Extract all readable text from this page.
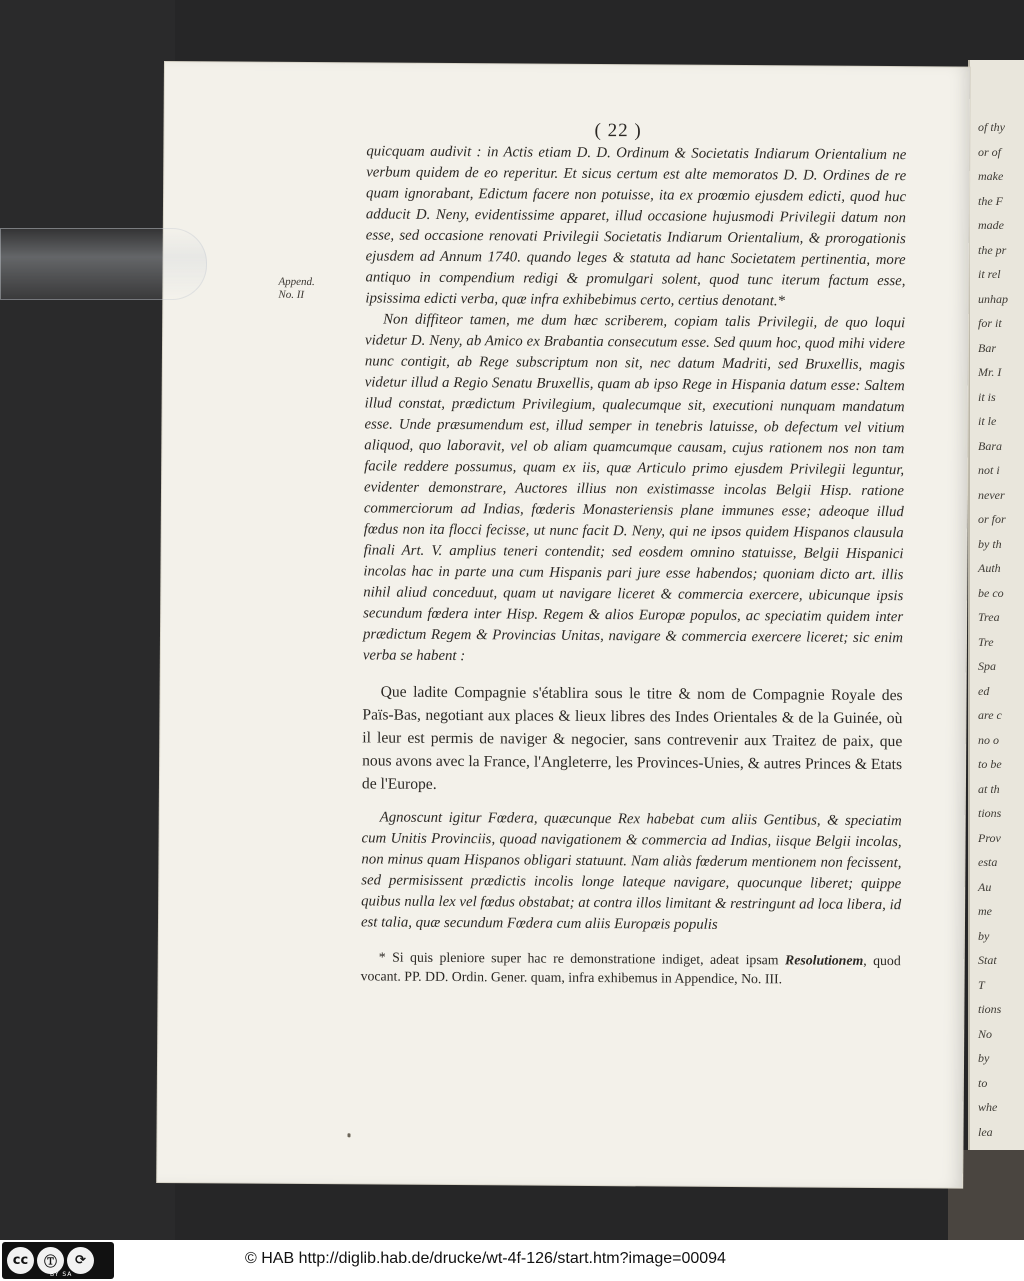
of thy
or of
make
the F
made
the pr
it rel
unhap
for it
Bar
Mr. I
it is
it le
Bara
not i
never
or for
by th
Auth
be co
Trea
Tre
Spa
ed
are c
no o
to be
at th
tions
Prov
esta
Au
me
by
Stat
T
tions
No
by
to
whe
lea
( 22 )
Append.
No. II

quicquam audivit : in Actis etiam D. D. Ordinum & Societatis Indiarum Orientalium ne verbum quidem de eo reperitur. Et sicus certum est alte memoratos D. D. Ordines de re quam ignorabant, Edictum facere non potuisse, ita ex proœmio ejusdem edicti, quod huc adducit D. Neny, evidentissime apparet, illud occasione hujusmodi Privilegii datum non esse, sed occasione renovati Privilegii Societatis Indiarum Orientalium, & prorogationis ejusdem ad Annum 1740. quando leges & statuta ad hanc Societatem pertinentia, more antiquo in compendium redigi & promulgari solent, quod tunc iterum factum esse, ipsissima edicti verba, quæ infra exhibebimus certo, certius denotant.*

Non diffiteor tamen, me dum hæc scriberem, copiam talis Privilegii, de quo loqui videtur D. Neny, ab Amico ex Brabantia consecutum esse. Sed quum hoc, quod mihi videre nunc contigit, ab Rege subscriptum non sit, nec datum Madriti, sed Bruxellis, magis videtur illud a Regio Senatu Bruxellis, quam ab ipso Rege in Hispania datum esse: Saltem illud constat, prædictum Privilegium, qualecumque sit, executioni nunquam mandatum esse. Unde præsumendum est, illud semper in tenebris latuisse, ob defectum vel vitium aliquod, quo laboravit, vel ob aliam quamcumque causam, cujus rationem nos non tam facile reddere possumus, quam ex iis, quæ Articulo primo ejusdem Privilegii leguntur, evidenter demonstrare, Auctores illius non existimasse incolas Belgii Hisp. ratione commerciorum ad Indias, fœderis Monasteriensis plane immunes esse; adeoque illud fœdus non ita flocci fecisse, ut nunc facit D. Neny, qui ne ipsos quidem Hispanos clausula finali Art. V. amplius teneri contendit; sed eosdem omnino statuisse, Belgii Hispanici incolas hac in parte una cum Hispanis pari jure esse habendos; quoniam dicto art. illis nihil aliud conceduut, quam ut navigare liceret & commercia exercere, ubicunque ipsis secundum fœdera inter Hisp. Regem & alios Europæ populos, ac speciatim quidem inter prædictum Regem & Provincias Unitas, navigare & commercia exercere liceret; sic enim verba se habent :

Que ladite Compagnie s'établira sous le titre & nom de Compagnie Royale des Païs-Bas, negotiant aux places & lieux libres des Indes Orientales & de la Guinée, où il leur est permis de naviger & negocier, sans contrevenir aux Traitez de paix, que nous avons avec la France, l'Angleterre, les Provinces-Unies, & autres Princes & Etats de l'Europe.

Agnoscunt igitur Fœdera, quæcunque Rex habebat cum aliis Gentibus, & speciatim cum Unitis Provinciis, quoad navigationem & commercia ad Indias, iisque Belgii incolas, non minus quam Hispanos obligari statuunt. Nam aliàs fœderum mentionem non fecissent, sed permisissent prædictis incolis longe lateque navigare, quocunque liberet; quippe quibus nulla lex vel fœdus obstabat; at contra illos limitant & restringunt ad loca libera, id est talia, quæ secundum Fœdera cum aliis Europæis populis

* Si quis pleniore super hac re demonstratione indiget, adeat ipsam Resolutionem, quod vocant. PP. DD. Ordin. Gener. quam, infra exhibemus in Appendice, No. III.

cc	Ⓣ	⟳
BY SA
© HAB http://diglib.hab.de/drucke/wt-4f-126/start.htm?image=00094
